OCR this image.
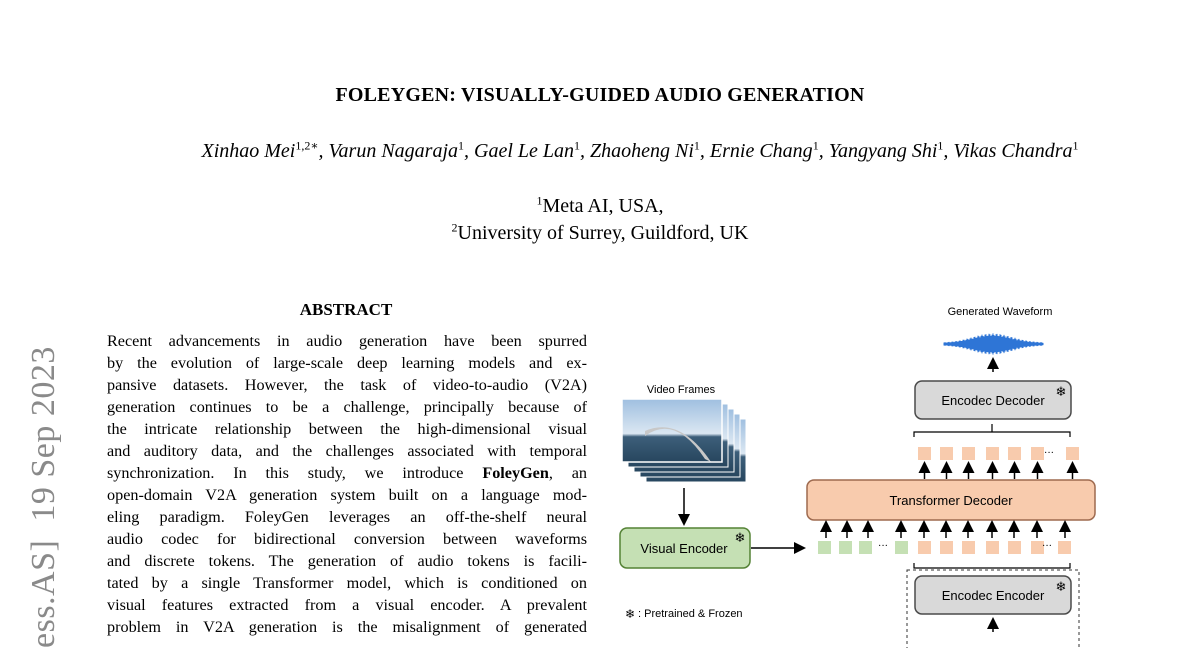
FOLEYGEN: VISUALLY-GUIDED AUDIO GENERATION
Xinhao Mei$^{1,2∗}$, Varun Nagaraja$^1$, Gael Le Lan$^1$, Zhaoheng Ni$^1$, Ernie Chang$^1$, Yangyang Shi$^1$, Vikas Chandra$^1$
$^1$Meta AI, USA,
$^2$University of Surrey, Guildford, UK
ess.AS]  19 Sep 2023
ABSTRACT
Recent advancements in audio generation have been spurred
by the evolution of large-scale deep learning models and ex-
pansive datasets. However, the task of video-to-audio (V2A)
generation continues to be a challenge, principally because of
the intricate relationship between the high-dimensional visual
and auditory data, and the challenges associated with temporal
synchronization. In this study, we introduce FoleyGen, an
open-domain V2A generation system built on a language mod-
eling paradigm. FoleyGen leverages an off-the-shelf neural
audio codec for bidirectional conversion between waveforms
and discrete tokens. The generation of audio tokens is facili-
tated by a single Transformer model, which is conditioned on
visual features extracted from a visual encoder. A prevalent
problem in V2A generation is the misalignment of generated
Generated Waveform
Encodec Decoder
❄
···
Transformer Decoder
···	···
Video Frames
Visual Encoder
❄
Encodec Encoder
❄
❄ : Pretrained & Frozen
